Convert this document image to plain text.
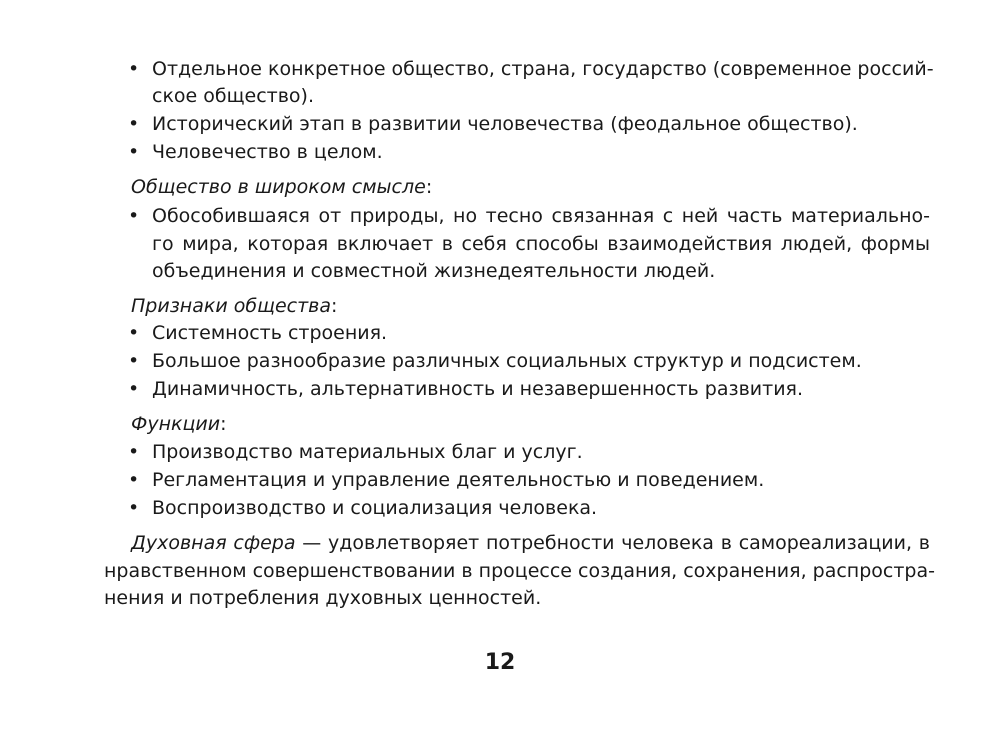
• Отдельное конкретное общество, страна, государство (современное россий-
ское общество).
• Исторический этап в развитии человечества (феодальное общество).
• Человечество в целом.
Общество в широком смысле:
• Обособившаяся от природы, но тесно связанная с ней часть материально-
го мира, которая включает в себя способы взаимодействия людей, формы
объединения и совместной жизнедеятельности людей.
Признаки общества:
• Системность строения.
• Большое разнообразие различных социальных структур и подсистем.
• Динамичность, альтернативность и незавершенность развития.
Функции:
• Производство материальных благ и услуг.
• Регламентация и управление деятельностью и поведением.
• Воспроизводство и социализация человека.
Духовная сфера — удовлетворяет потребности человека в самореализации, в
нравственном совершенствовании в процессе создания, сохранения, распростра-
нения и потребления духовных ценностей.
12
